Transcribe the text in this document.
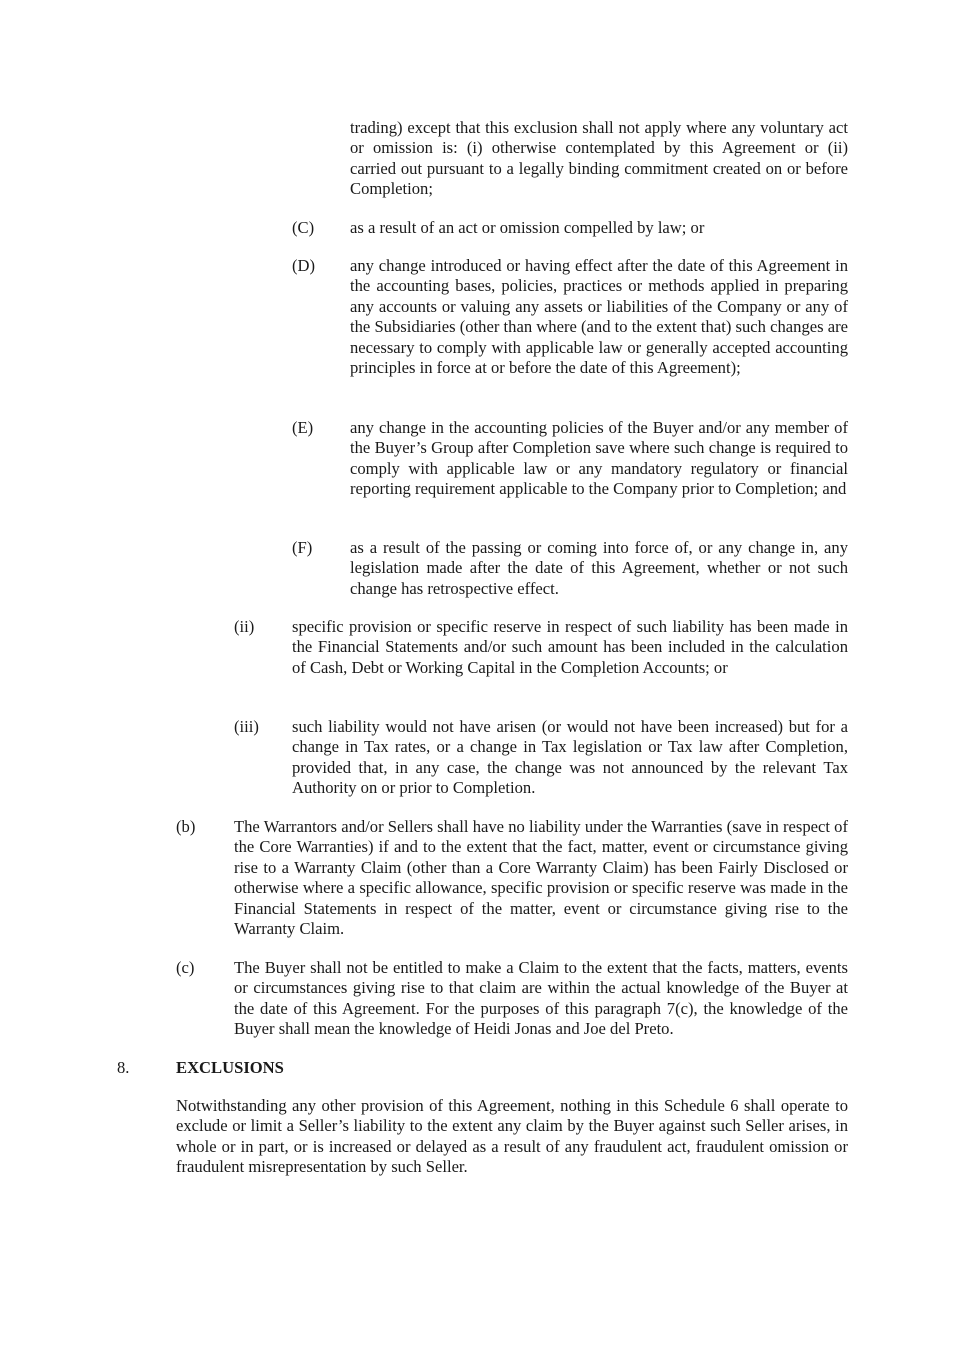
trading) except that this exclusion shall not apply where any voluntary act or omission is: (i) otherwise contemplated by this Agreement or (ii) carried out pursuant to a legally binding commitment created on or before Completion;

(C) as a result of an act or omission compelled by law; or

(D) any change introduced or having effect after the date of this Agreement in the accounting bases, policies, practices or methods applied in preparing any accounts or valuing any assets or liabilities of the Company or any of the Subsidiaries (other than where (and to the extent that) such changes are necessary to comply with applicable law or generally accepted accounting principles in force at or before the date of this Agreement);

(E) any change in the accounting policies of the Buyer and/or any member of the Buyer’s Group after Completion save where such change is required to comply with applicable law or any mandatory regulatory or financial reporting requirement applicable to the Company prior to Completion; and

(F) as a result of the passing or coming into force of, or any change in, any legislation made after the date of this Agreement, whether or not such change has retrospective effect.

(ii) specific provision or specific reserve in respect of such liability has been made in the Financial Statements and/or such amount has been included in the calculation of Cash, Debt or Working Capital in the Completion Accounts; or

(iii) such liability would not have arisen (or would not have been increased) but for a change in Tax rates, or a change in Tax legislation or Tax law after Completion, provided that, in any case, the change was not announced by the relevant Tax Authority on or prior to Completion.

(b) The Warrantors and/or Sellers shall have no liability under the Warranties (save in respect of the Core Warranties) if and to the extent that the fact, matter, event or circumstance giving rise to a Warranty Claim (other than a Core Warranty Claim) has been Fairly Disclosed or otherwise where a specific allowance, specific provision or specific reserve was made in the Financial Statements in respect of the matter, event or circumstance giving rise to the Warranty Claim.

(c) The Buyer shall not be entitled to make a Claim to the extent that the facts, matters, events or circumstances giving rise to that claim are within the actual knowledge of the Buyer at the date of this Agreement. For the purposes of this paragraph 7(c), the knowledge of the Buyer shall mean the knowledge of Heidi Jonas and Joe del Preto.

8.	EXCLUSIONS

Notwithstanding any other provision of this Agreement, nothing in this Schedule 6 shall operate to exclude or limit a Seller’s liability to the extent any claim by the Buyer against such Seller arises, in whole or in part, or is increased or delayed as a result of any fraudulent act, fraudulent omission or fraudulent misrepresentation by such Seller.
